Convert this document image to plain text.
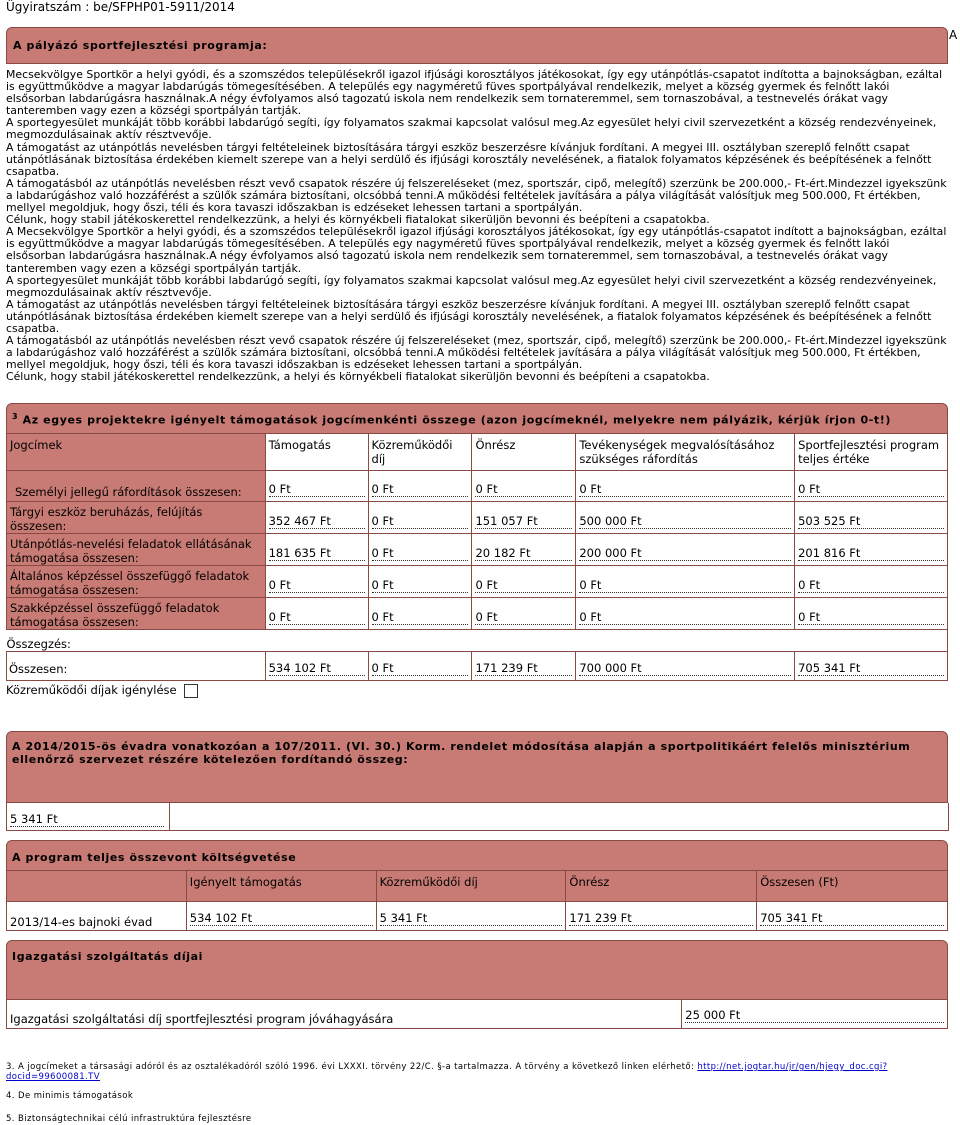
Ügyiratszám : be/SFPHP01-5911/2014
A
A pályázó sportfejlesztési programja:

Mecsekvölgye Sportkör a helyi gyódi, és a szomszédos településekről igazol ifjúsági korosztályos játékosokat, így egy utánpótlás-csapatot indította a bajnokságban, ezáltal is együttműködve a magyar labdarúgás tömegesítésében. A település egy nagyméretű füves sportpályával rendelkezik, melyet a község gyermek és felnőtt lakói elsősorban labdarúgásra használnak.A négy évfolyamos alsó tagozatú iskola nem rendelkezik sem tornateremmel, sem tornaszobával, a testnevelés órákat vagy tanteremben vagy ezen a községi sportpályán tartják.

A sportegyesület munkáját több korábbi labdarúgó segíti, így folyamatos szakmai kapcsolat valósul meg.Az egyesület helyi civil szervezetként a község rendezvényeinek, megmozdulásainak aktív résztvevője.

A támogatást az utánpótlás nevelésben tárgyi feltételeinek biztosítására tárgyi eszköz beszerzésre kívánjuk fordítani. A megyei III. osztályban szereplő felnőtt csapat utánpótlásának biztosítása érdekében kiemelt szerepe van a helyi serdülő és ifjúsági korosztály nevelésének, a fiatalok folyamatos képzésének és beépítésének a felnőtt csapatba.

A támogatásból az utánpótlás nevelésben részt vevő csapatok részére új felszereléseket (mez, sportszár, cipő, melegítő) szerzünk be 200.000,- Ft-ért.Mindezzel igyekszünk a labdarúgáshoz való hozzáférést a szülők számára biztosítani, olcsóbbá tenni.A működési feltételek javítására a pálya világítását valósítjuk meg 500.000, Ft értékben, mellyel megoldjuk, hogy őszi, téli és kora tavaszi időszakban is edzéseket lehessen tartani a sportpályán.

Célunk, hogy stabil játékoskerettel rendelkezzünk, a helyi és környékbeli fiatalokat sikerüljön bevonni és beépíteni a csapatokba.

A Mecsekvölgye Sportkör a helyi gyódi, és a szomszédos településekről igazol ifjúsági korosztályos játékosokat, így egy utánpótlás-csapatot indított a bajnokságban, ezáltal is együttműködve a magyar labdarúgás tömegesítésében. A település egy nagyméretű füves sportpályával rendelkezik, melyet a község gyermek és felnőtt lakói elsősorban labdarúgásra használnak.A négy évfolyamos alsó tagozatú iskola nem rendelkezik sem tornateremmel, sem tornaszobával, a testnevelés órákat vagy tanteremben vagy ezen a községi sportpályán tartják.

A sportegyesület munkáját több korábbi labdarúgó segíti, így folyamatos szakmai kapcsolat valósul meg.Az egyesület helyi civil szervezetként a község rendezvényeinek, megmozdulásainak aktív résztvevője.

A támogatást az utánpótlás nevelésben tárgyi feltételeinek biztosítására tárgyi eszköz beszerzésre kívánjuk fordítani. A megyei III. osztályban szereplő felnőtt csapat utánpótlásának biztosítása érdekében kiemelt szerepe van a helyi serdülő és ifjúsági korosztály nevelésének, a fiatalok folyamatos képzésének és beépítésének a felnőtt csapatba.

A támogatásból az utánpótlás nevelésben részt vevő csapatok részére új felszereléseket (mez, sportszár, cipő, melegítő) szerzünk be 200.000,- Ft-ért.Mindezzel igyekszünk a labdarúgáshoz való hozzáférést a szülők számára biztosítani, olcsóbbá tenni.A működési feltételek javítására a pálya világítását valósítjuk meg 500.000, Ft értékben, mellyel megoldjuk, hogy őszi, téli és kora tavaszi időszakban is edzéseket lehessen tartani a sportpályán.

Célunk, hogy stabil játékoskerettel rendelkezzünk, a helyi és környékbeli fiatalokat sikerüljön bevonni és beépíteni a csapatokba.

$^3$ Az egyes projektekre igényelt támogatások jogcímenkénti összege (azon jogcímeknél, melyekre nem pályázik, kérjük írjon 0-t!)
Jogcímek	Támogatás	Közreműködői díj	Önrész	Tevékenységek megvalósításához szükséges ráfordítás	Sportfejlesztési program teljes értéke
Személyi jellegű ráfordítások összesen:	0 Ft	0 Ft	0 Ft	0 Ft	0 Ft

Tárgyi eszköz beruházás, felújítás összesen:	352 467 Ft	0 Ft	151 057 Ft	500 000 Ft	503 525 Ft

Utánpótlás-nevelési feladatok ellátásának támogatása összesen:	181 635 Ft	0 Ft	20 182 Ft	200 000 Ft	201 816 Ft

Általános képzéssel összefüggő feladatok támogatása összesen:	0 Ft	0 Ft	0 Ft	0 Ft	0 Ft

Szakképzéssel összefüggő feladatok támogatása összesen:	0 Ft	0 Ft	0 Ft	0 Ft	0 Ft

Összegzés:					
Összesen:	534 102 Ft	0 Ft	171 239 Ft	700 000 Ft	705 341 Ft
Közreműködői díjak igénylése
A 2014/2015-ös évadra vonatkozóan a 107/2011. (VI. 30.) Korm. rendelet módosítása alapján a sportpolitikáért felelős minisztérium ellenőrző szervezet részére kötelezően fordítandó összeg:
5 341 Ft
A program teljes összevont költségvetése
	Igényelt támogatás	Közreműködői díj	Önrész	Összesen (Ft)
2013/14-es bajnoki évad	534 102 Ft	5 341 Ft	171 239 Ft	705 341 Ft
Igazgatási szolgáltatás díjai
Igazgatási szolgáltatási díj sportfejlesztési program jóváhagyására	25 000 Ft
3. A jogcímeket a társasági adóról és az osztalékadóról szóló 1996. évi LXXXI. törvény 22/C. §-a tartalmazza. A törvény a következő linken elérhető: http://net.jogtar.hu/jr/gen/hjegy_doc.cgi?docid=99600081.TV
4. De minimis támogatások
5. Biztonságtechnikai célú infrastruktúra fejlesztésre
